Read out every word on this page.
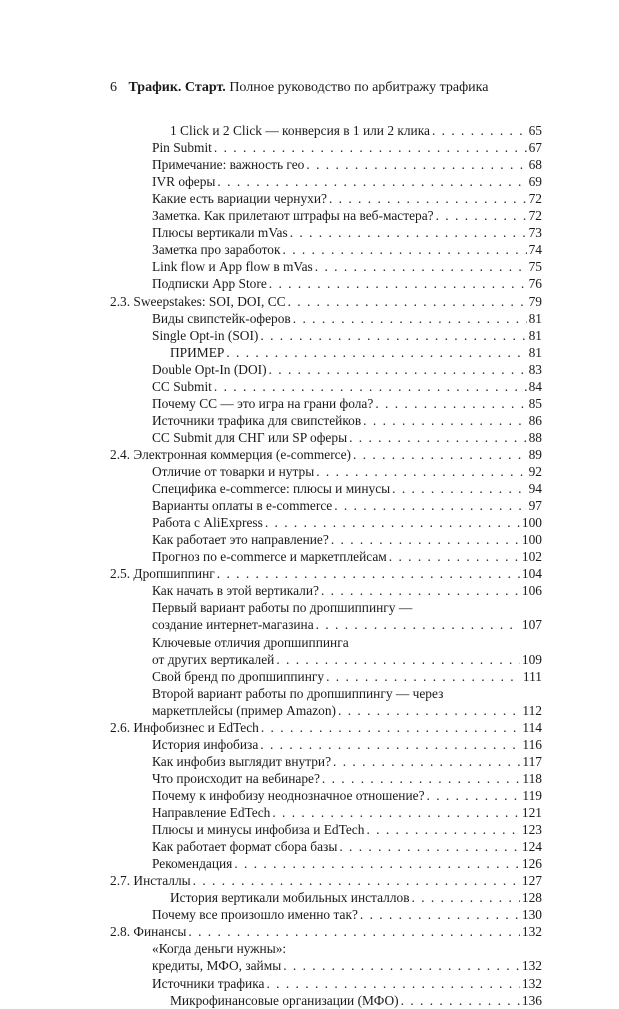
6 Трафик. Старт. Полное руководство по арбитражу трафика
1 Click и 2 Click — конверсия в 1 или 2 клика . . .	65
Pin Submit . . .	67
Примечание: важность гео . . .	68
IVR оферы . . .	69
Какие есть вариации чернухи? . . .	72
Заметка. Как прилетают штрафы на веб-мастера? . . .	72
Плюсы вертикали mVas . . .	73
Заметка про заработок . . .	74
Link flow и App flow в mVas . . .	75
Подписки App Store . . .	76
2.3. Sweepstakes: SOI, DOI, CC . . .	79
Виды свипстейк-оферов . . .	81
Single Opt-in (SOI) . . .	81
ПРИМЕР . . .	81
Double Opt-In (DOI) . . .	83
CC Submit . . .	84
Почему CC — это игра на грани фола? . . .	85
Источники трафика для свипстейков . . .	86
CC Submit для СНГ или SP оферы . . .	88
2.4. Электронная коммерция (e-commerce) . . .	89
Отличие от товарки и нутры . . .	92
Специфика e-commerce: плюсы и минусы . . .	94
Варианты оплаты в e-commerce . . .	97
Работа с AliExpress . . .	100
Как работает это направление? . . .	100
Прогноз по e-commerce и маркетплейсам . . .	102
2.5. Дропшиппинг . . .	104
Как начать в этой вертикали? . . .	106
Первый вариант работы по дропшиппингу —
создание интернет-магазина . . .	107
Ключевые отличия дропшиппинга
от других вертикалей . . .	109
Свой бренд по дропшиппингу . . .	111
Второй вариант работы по дропшиппингу — через
маркетплейсы (пример Amazon) . . .	112
2.6. Инфобизнес и EdTech . . .	114
История инфобиза . . .	116
Как инфобиз выглядит внутри? . . .	117
Что происходит на вебинаре? . . .	118
Почему к инфобизу неоднозначное отношение? . . .	119
Направление EdTech . . .	121
Плюсы и минусы инфобиза и EdTech . . .	123
Как работает формат сбора базы . . .	124
Рекомендация . . .	126
2.7. Инсталлы . . .	127
История вертикали мобильных инсталлов . . .	128
Почему все произошло именно так? . . .	130
2.8. Финансы . . .	132
«Когда деньги нужны»:
кредиты, МФО, займы . . .	132
Источники трафика . . .	132
Микрофинансовые организации (МФО) . . .	136
